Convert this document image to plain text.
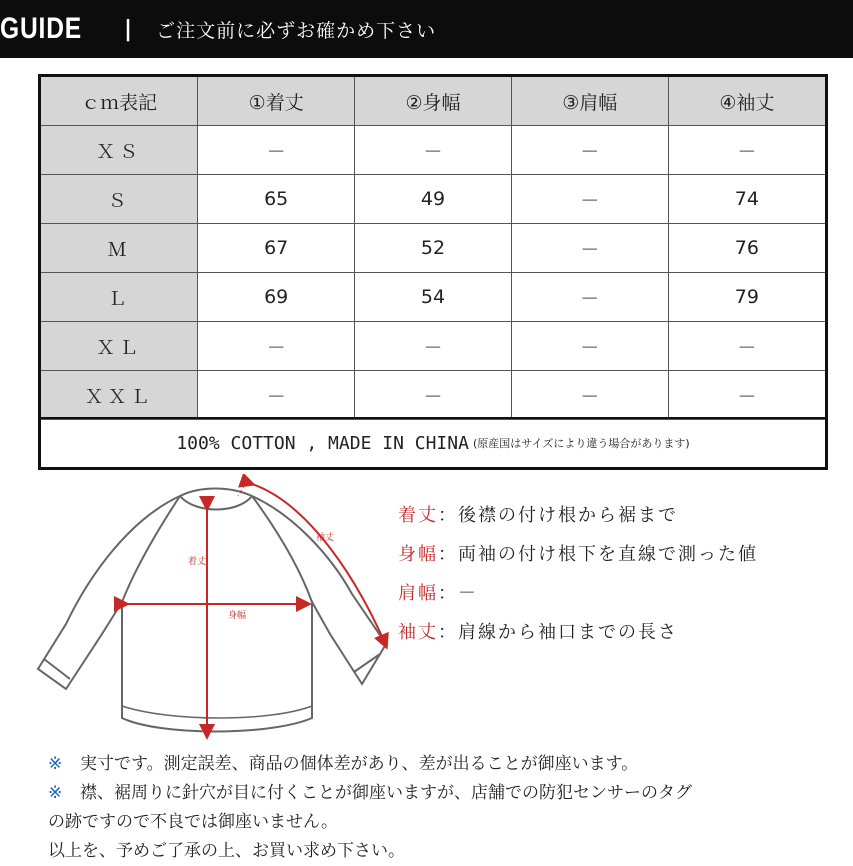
GUIDE | ご注文前に必ずお確かめ下さい
ｃｍ表記	①着丈	②身幅	③肩幅	④袖丈
ＸＳ	－	－	－	－
Ｓ	65	49	－	74
Ｍ	67	52	－	76
Ｌ	69	54	－	79
ＸＬ	－	－	－	－
ＸＸＬ	－	－	－	－
100% COTTON , MADE IN CHINA (原産国はサイズにより違う場合があります)
着丈
身幅
袖丈
着丈 ：後襟の付け根から裾まで
身幅 ：両袖の付け根下を直線で測った値
肩幅 ：－
袖丈 ：肩線から袖口までの長さ
※	実寸です。測定誤差、商品の個体差があり、差が出ることが御座います。
※	襟、裾周りに針穴が目に付くことが御座いますが、店舗での防犯センサーのタグ
の跡ですので不良では御座いません。
以上を、予めご了承の上、お買い求め下さい。
